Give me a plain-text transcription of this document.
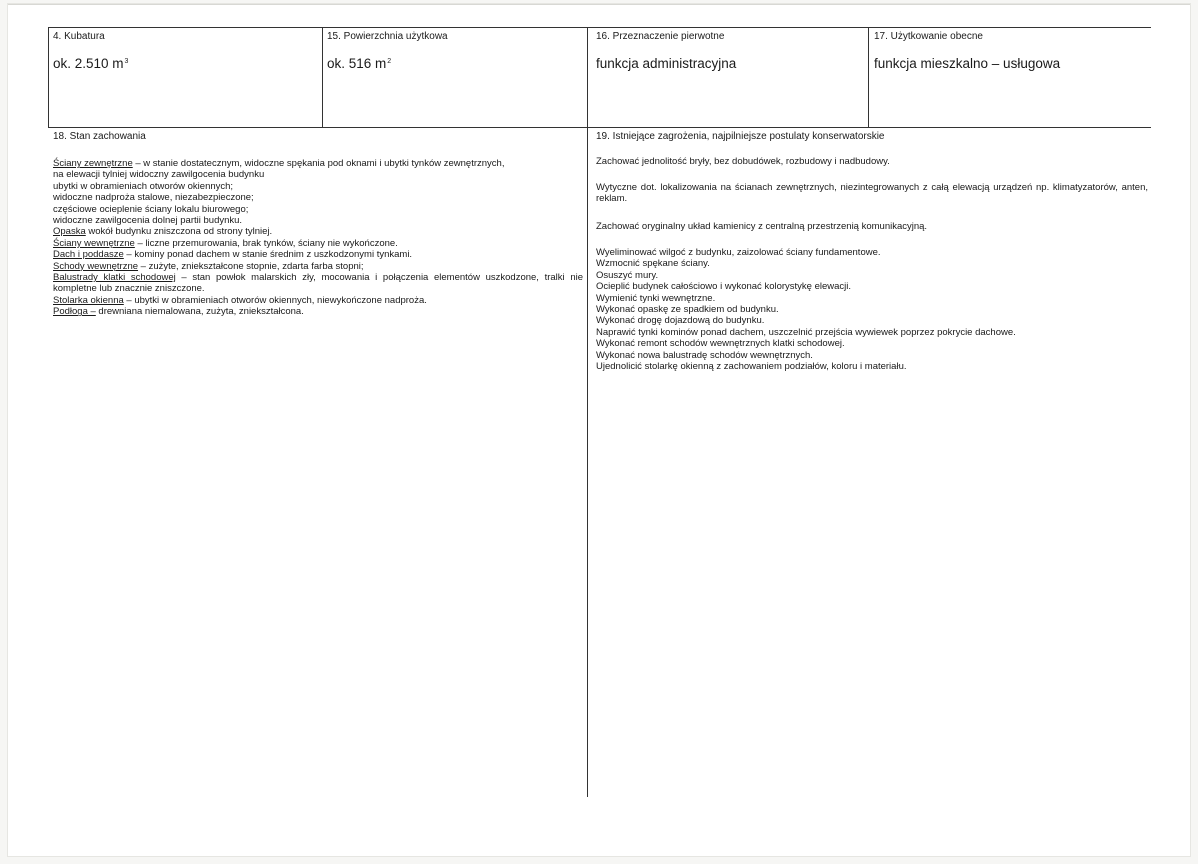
4. Kubatura
ok. 2.510 $m^3$
15. Powierzchnia użytkowa
ok. 516 $m^2$
16. Przeznaczenie pierwotne
funkcja administracyjna
17. Użytkowanie obecne
funkcja mieszkalno – usługowa
18. Stan zachowania

Ściany zewnętrzne – w stanie dostatecznym, widoczne spękania pod oknami i ubytki tynków zewnętrznych,

na elewacji tylniej widoczny zawilgocenia budynku

ubytki w obramieniach otworów okiennych;

widoczne nadproża stalowe, niezabezpieczone;

częściowe ocieplenie ściany lokalu biurowego;

widoczne zawilgocenia dolnej partii budynku.

Opaska wokół budynku zniszczona od strony tylniej.

Ściany wewnętrzne – liczne przemurowania, brak tynków, ściany nie wykończone.

Dach i poddasze – kominy ponad dachem w stanie średnim z uszkodzonymi tynkami.

Schody wewnętrzne – zużyte, zniekształcone stopnie, zdarta farba stopni;

Balustrady klatki schodowej – stan powłok malarskich zły, mocowania i połączenia elementów uszkodzone, tralki nie kompletne lub znacznie zniszczone.

Stolarka okienna – ubytki w obramieniach otworów okiennych, niewykończone nadproża.

Podłoga – drewniana niemalowana, zużyta, zniekształcona.

19. Istniejące zagrożenia, najpilniejsze postulaty konserwatorskie
Zachować jednolitość bryły, bez dobudówek, rozbudowy i nadbudowy.
Wytyczne dot. lokalizowania na ścianach zewnętrznych, niezintegrowanych z całą elewacją urządzeń np. klimatyzatorów, anten, reklam.
Zachować oryginalny układ kamienicy z centralną przestrzenią komunikacyjną.

Wyeliminować wilgoć z budynku, zaizolować ściany fundamentowe.

Wzmocnić spękane ściany.

Osuszyć mury.

Ocieplić budynek całościowo i wykonać kolorystykę elewacji.

Wymienić tynki wewnętrzne.

Wykonać opaskę ze spadkiem od budynku.

Wykonać drogę dojazdową do budynku.

Naprawić tynki kominów ponad dachem, uszczelnić przejścia wywiewek poprzez pokrycie dachowe.

Wykonać remont schodów wewnętrznych klatki schodowej.

Wykonać nowa balustradę schodów wewnętrznych.

Ujednolicić stolarkę okienną z zachowaniem podziałów, koloru i materiału.
